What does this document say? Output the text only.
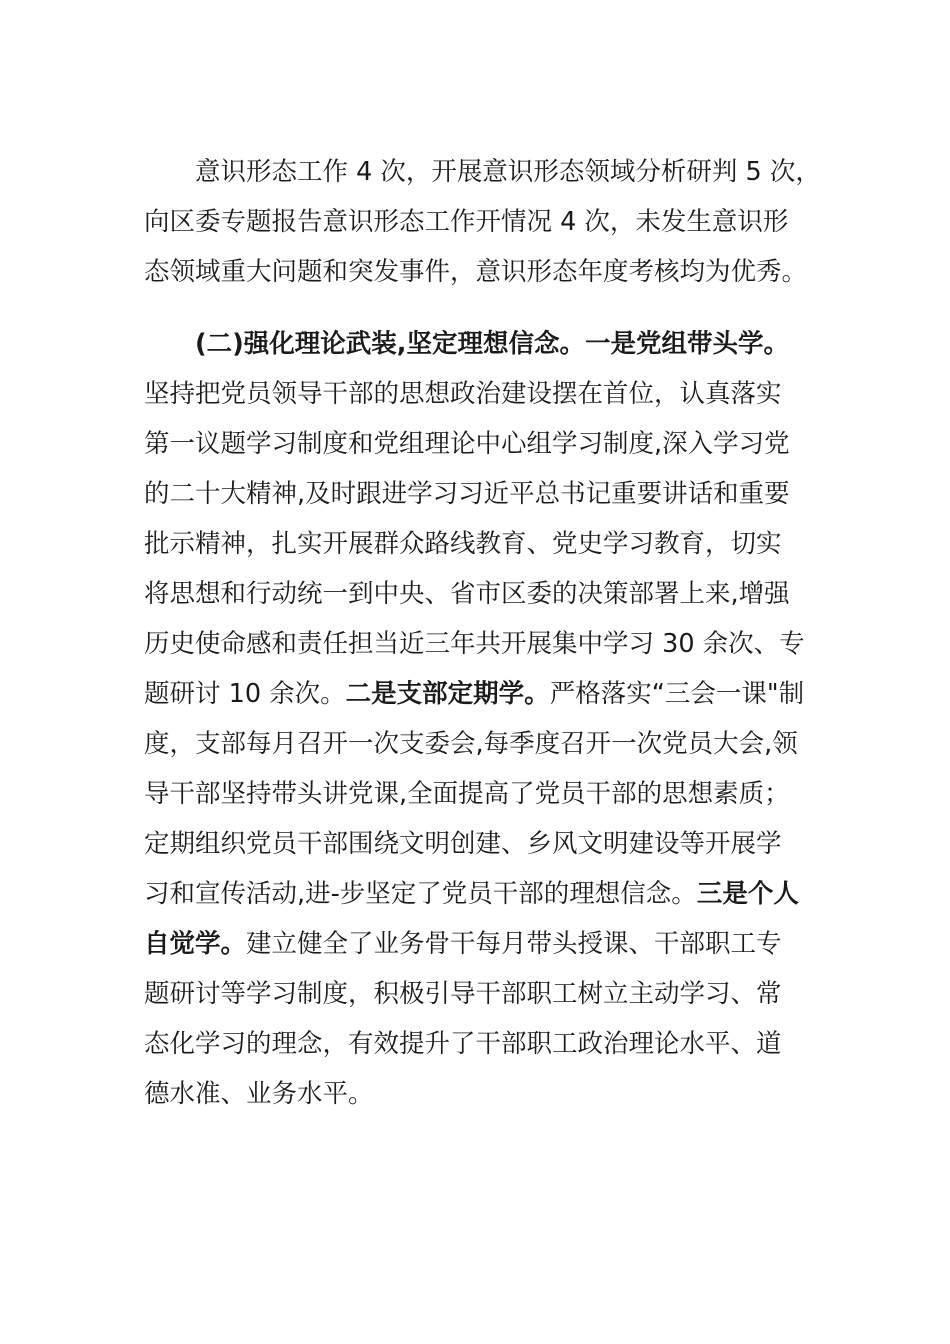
意识形态工作 4 次，开展意识形态领域分析研判 5 次，
向区委专题报告意识形态工作开情况 4 次，未发生意识形
态领域重大问题和突发事件，意识形态年度考核均为优秀。
(二)强化理论武装,坚定理想信念。一是党组带头学。
坚持把党员领导干部的思想政治建设摆在首位，认真落实
第一议题学习制度和党组理论中心组学习制度,深入学习党
的二十大精神,及时跟进学习习近平总书记重要讲话和重要
批示精神，扎实开展群众路线教育、党史学习教育，切实
将思想和行动统一到中央、省市区委的决策部署上来,增强
历史使命感和责任担当近三年共开展集中学习 30 余次、专
题研讨 10 余次。二是支部定期学。严格落实“三会一课"制
度，支部每月召开一次支委会,每季度召开一次党员大会,领
导干部坚持带头讲党课,全面提高了党员干部的思想素质；
定期组织党员干部围绕文明创建、乡风文明建设等开展学
习和宣传活动,进-步坚定了党员干部的理想信念。三是个人
自觉学。建立健全了业务骨干每月带头授课、干部职工专
题研讨等学习制度，积极引导干部职工树立主动学习、常
态化学习的理念，有效提升了干部职工政治理论水平、道
德水准、业务水平。
